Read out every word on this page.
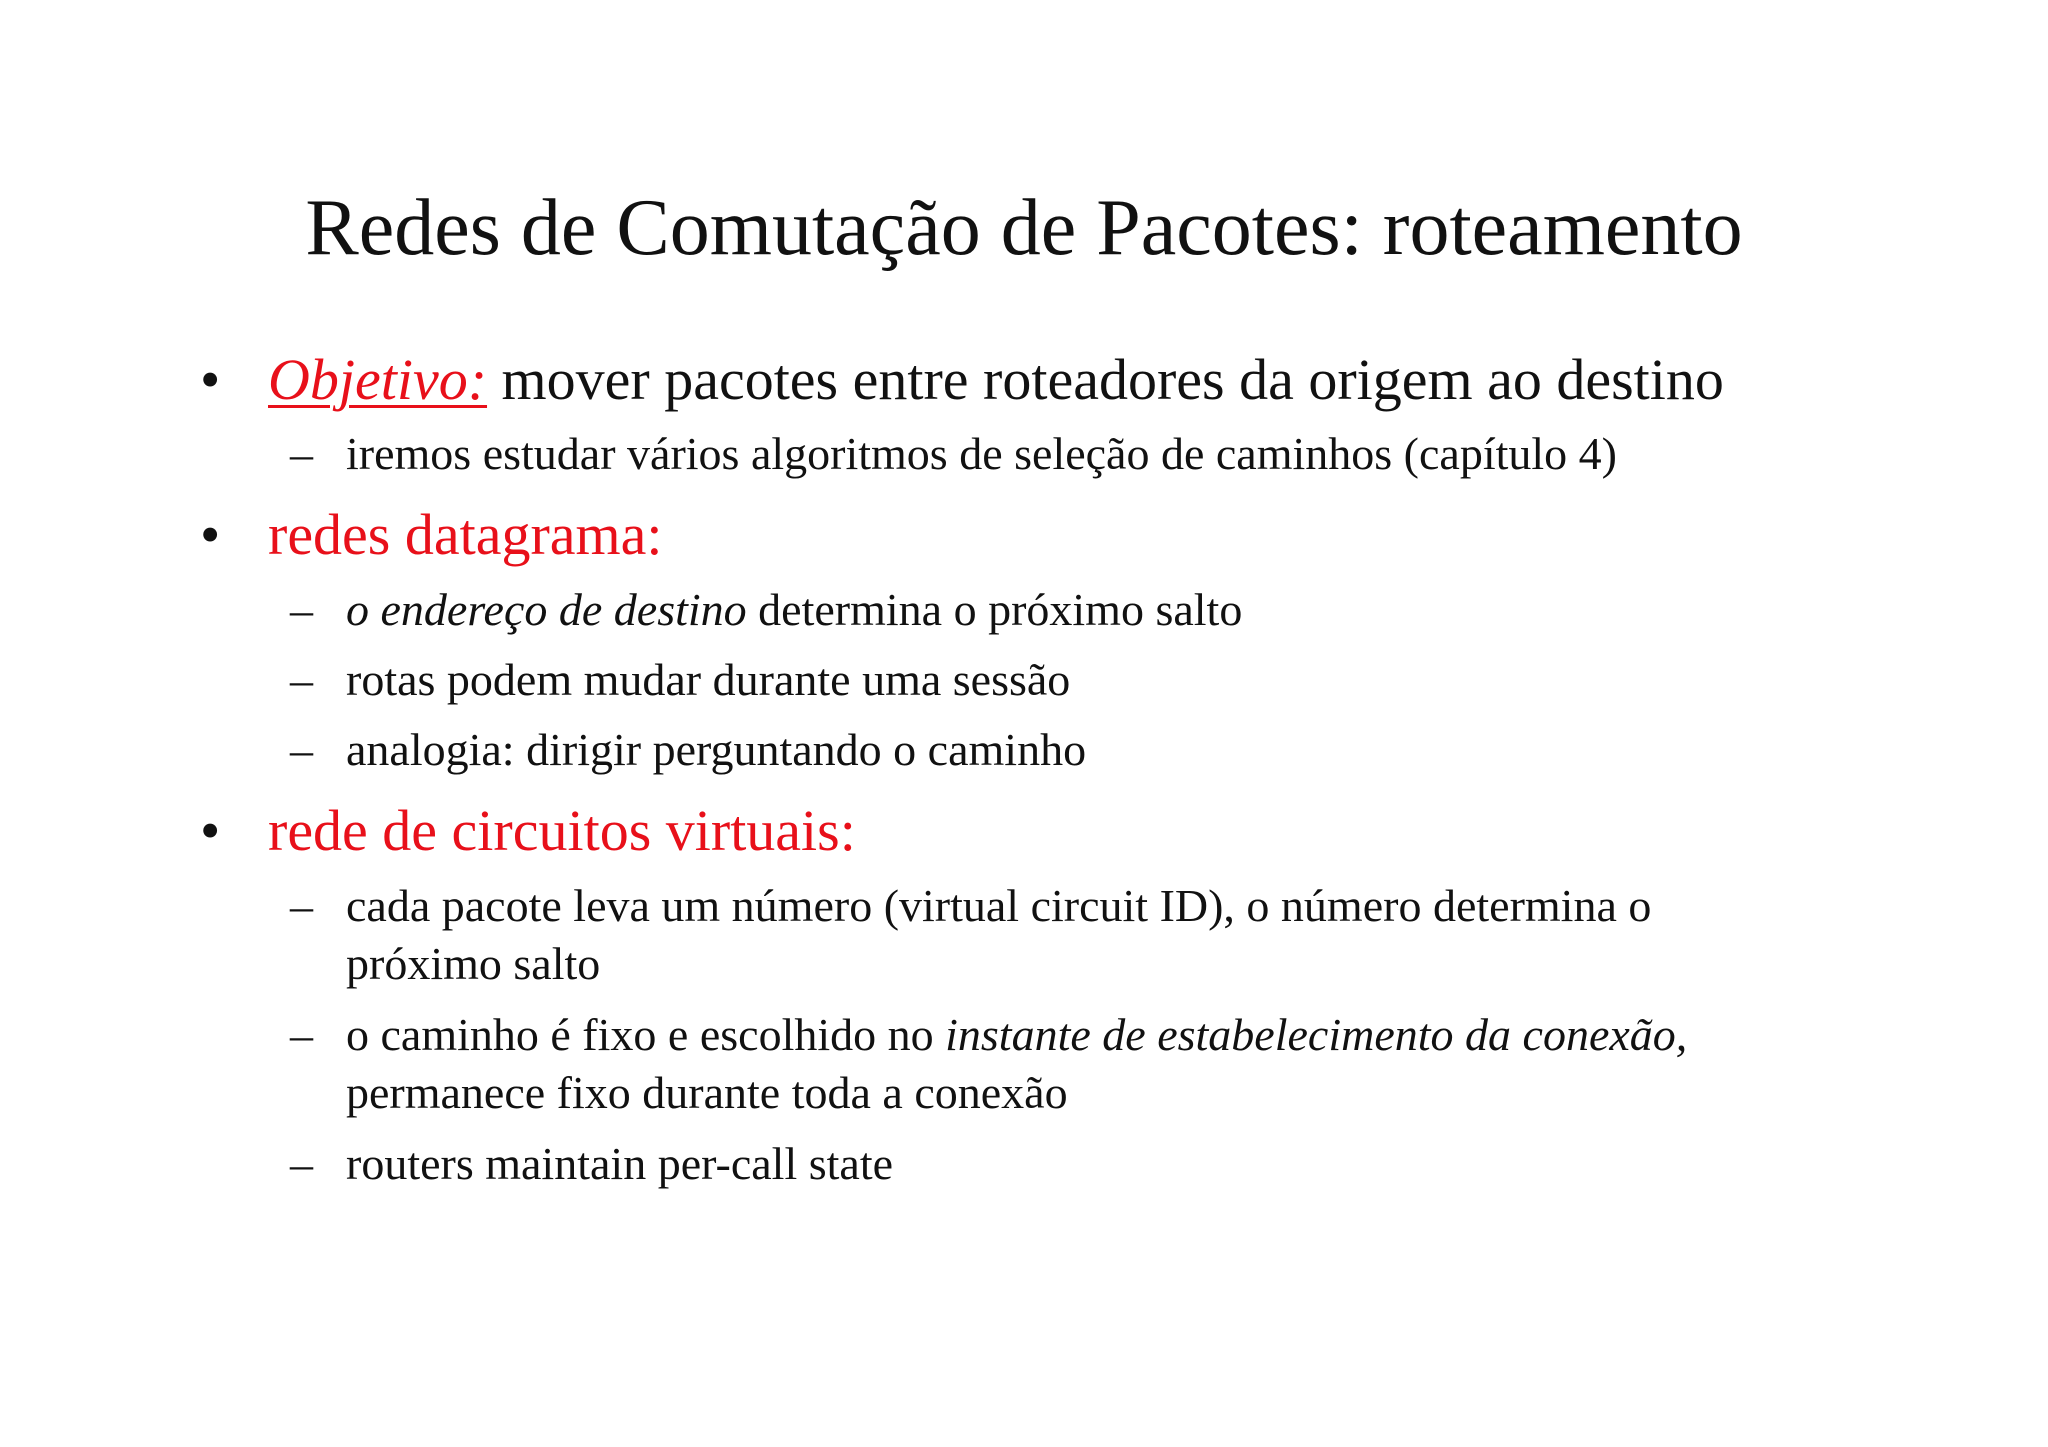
Redes de Comutação de Pacotes: roteamento
• Objetivo: mover pacotes entre roteadores da origem ao destino
– iremos estudar vários algoritmos de seleção de caminhos (capítulo 4)
• redes datagrama:
– o endereço de destino determina o próximo salto
– rotas podem mudar durante uma sessão
– analogia: dirigir perguntando o caminho
• rede de circuitos virtuais:
– cada pacote leva um número (virtual circuit ID), o número determina o
próximo salto
– o caminho é fixo e escolhido no instante de estabelecimento da conexão,
permanece fixo durante toda a conexão
– routers maintain per-call state
